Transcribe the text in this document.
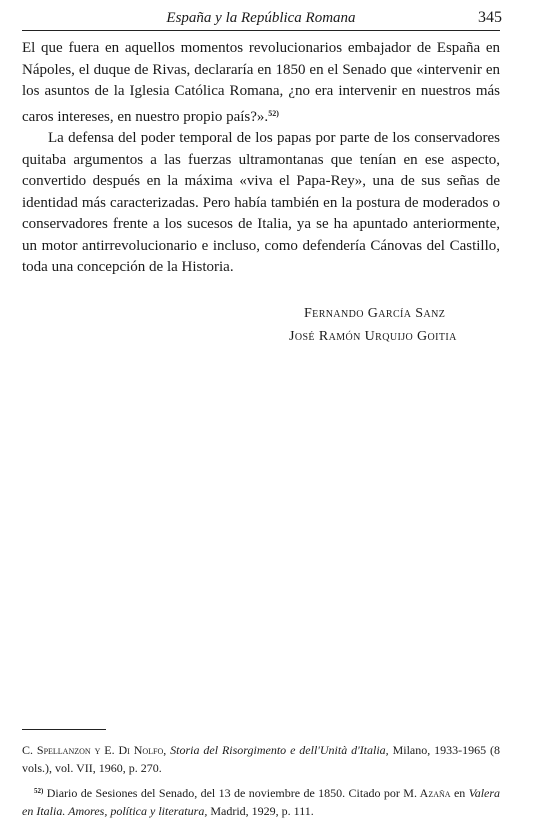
España y la República Romana	345

El que fuera en aquellos momentos revolucionarios embajador de España en Nápoles, el duque de Rivas, declararía en 1850 en el Senado que «intervenir en los asuntos de la Iglesia Católica Romana, ¿no era intervenir en nuestros más caros intereses, en nuestro propio país?».$^{52)}$

La defensa del poder temporal de los papas por parte de los conservadores quitaba argumentos a las fuerzas ultramontanas que tenían en ese aspecto, convertido después en la máxima «viva el Papa-Rey», una de sus señas de identidad más caracterizadas. Pero había también en la postura de moderados o conservadores frente a los sucesos de Italia, ya se ha apuntado anteriormente, un motor antirrevolucionario e incluso, como defendería Cánovas del Castillo, toda una concepción de la Historia.

Fernando García Sanz
José Ramón Urquijo Goitia

C. Spellanzon y E. Di Nolfo, Storia del Risorgimento e dell'Unità d'Italia, Milano, 1933-1965 (8 vols.), vol. VII, 1960, p. 270.

$^{52)}$ Diario de Sesiones del Senado, del 13 de noviembre de 1850. Citado por M. Azaña en Valera en Italia. Amores, política y literatura, Madrid, 1929, p. 111.
